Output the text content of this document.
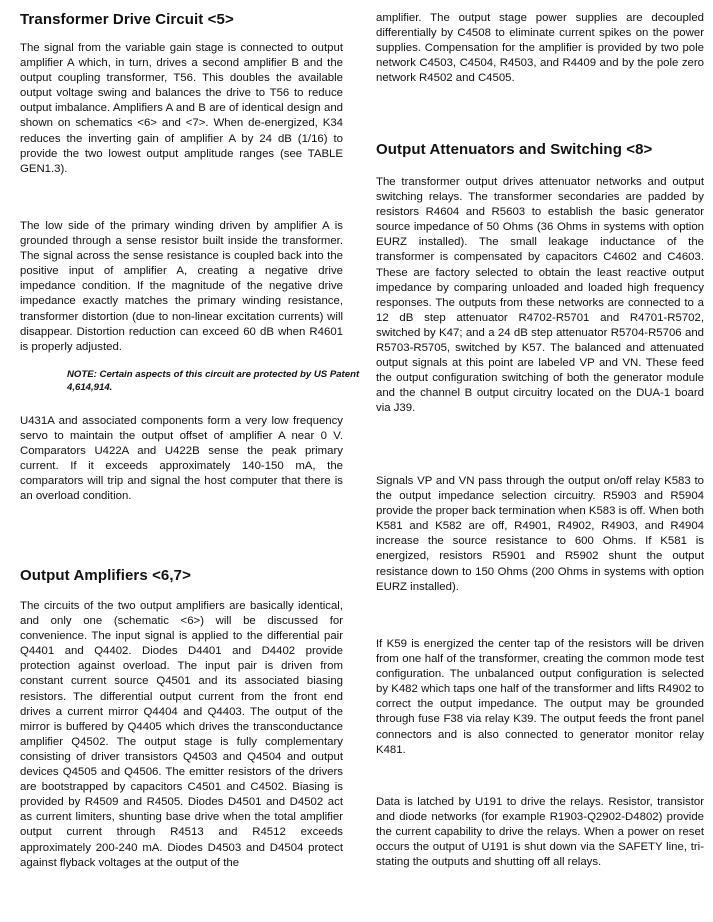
Transformer Drive Circuit <5>

The signal from the variable gain stage is connected to output amplifier A which, in turn, drives a second amplifier B and the output coupling transformer, T56. This doubles the available output voltage swing and balances the drive to T56 to reduce output imbalance. Amplifiers A and B are of identical design and shown on schematics <6> and <7>. When de-energized, K34 reduces the inverting gain of amplifier A by 24 dB (1/16) to provide the two lowest output amplitude ranges (see TABLE GEN1.3).

The low side of the primary winding driven by amplifier A is grounded through a sense resistor built inside the transformer. The signal across the sense resistance is coupled back into the positive input of amplifier A, creating a negative drive impedance condition. If the magnitude of the negative drive impedance exactly matches the primary winding resistance, transformer distortion (due to non-linear excitation currents) will disappear. Distortion reduction can exceed 60 dB when R4601 is properly adjusted.

NOTE: Certain aspects of this circuit are protected by US Patent 4,614,914.

U431A and associated components form a very low frequency servo to maintain the output offset of amplifier A near 0 V. Comparators U422A and U422B sense the peak primary current. If it exceeds approximately 140-150 mA, the comparators will trip and signal the host computer that there is an overload condition.

Output Amplifiers <6,7>

The circuits of the two output amplifiers are basically identical, and only one (schematic <6>) will be discussed for convenience. The input signal is applied to the differential pair Q4401 and Q4402. Diodes D4401 and D4402 provide protection against overload. The input pair is driven from constant current source Q4501 and its associated biasing resistors. The differential output current from the front end drives a current mirror Q4404 and Q4403. The output of the mirror is buffered by Q4405 which drives the transconductance amplifier Q4502. The output stage is fully complementary consisting of driver transistors Q4503 and Q4504 and output devices Q4505 and Q4506. The emitter resistors of the drivers are bootstrapped by capacitors C4501 and C4502. Biasing is provided by R4509 and R4505. Diodes D4501 and D4502 act as current limiters, shunting base drive when the total amplifier output current through R4513 and R4512 exceeds approximately 200-240 mA. Diodes D4503 and D4504 protect against flyback voltages at the output of the

amplifier. The output stage power supplies are decoupled differentially by C4508 to eliminate current spikes on the power supplies. Compensation for the amplifier is provided by two pole network C4503, C4504, R4503, and R4409 and by the pole zero network R4502 and C4505.

Output Attenuators and Switching <8>

The transformer output drives attenuator networks and output switching relays. The transformer secondaries are padded by resistors R4604 and R5603 to establish the basic generator source impedance of 50 Ohms (36 Ohms in systems with option EURZ installed). The small leakage inductance of the transformer is compensated by capacitors C4602 and C4603. These are factory selected to obtain the least reactive output impedance by comparing unloaded and loaded high frequency responses. The outputs from these networks are connected to a 12 dB step attenuator R4702-R5701 and R4701-R5702, switched by K47; and a 24 dB step attenuator R5704-R5706 and R5703-R5705, switched by K57. The balanced and attenuated output signals at this point are labeled VP and VN. These feed the output configuration switching of both the generator module and the channel B output circuitry located on the DUA-1 board via J39.

Signals VP and VN pass through the output on/off relay K583 to the output impedance selection circuitry. R5903 and R5904 provide the proper back termination when K583 is off. When both K581 and K582 are off, R4901, R4902, R4903, and R4904 increase the source resistance to 600 Ohms. If K581 is energized, resistors R5901 and R5902 shunt the output resistance down to 150 Ohms (200 Ohms in systems with option EURZ installed).

If K59 is energized the center tap of the resistors will be driven from one half of the transformer, creating the common mode test configuration. The unbalanced output configuration is selected by K482 which taps one half of the transformer and lifts R4902 to correct the output impedance. The output may be grounded through fuse F38 via relay K39. The output feeds the front panel connectors and is also connected to generator monitor relay K481.

Data is latched by U191 to drive the relays. Resistor, transistor and diode networks (for example R1903-Q2902-D4802) provide the current capability to drive the relays. When a power on reset occurs the output of U191 is shut down via the SAFETY line, tri-stating the outputs and shutting off all relays.
